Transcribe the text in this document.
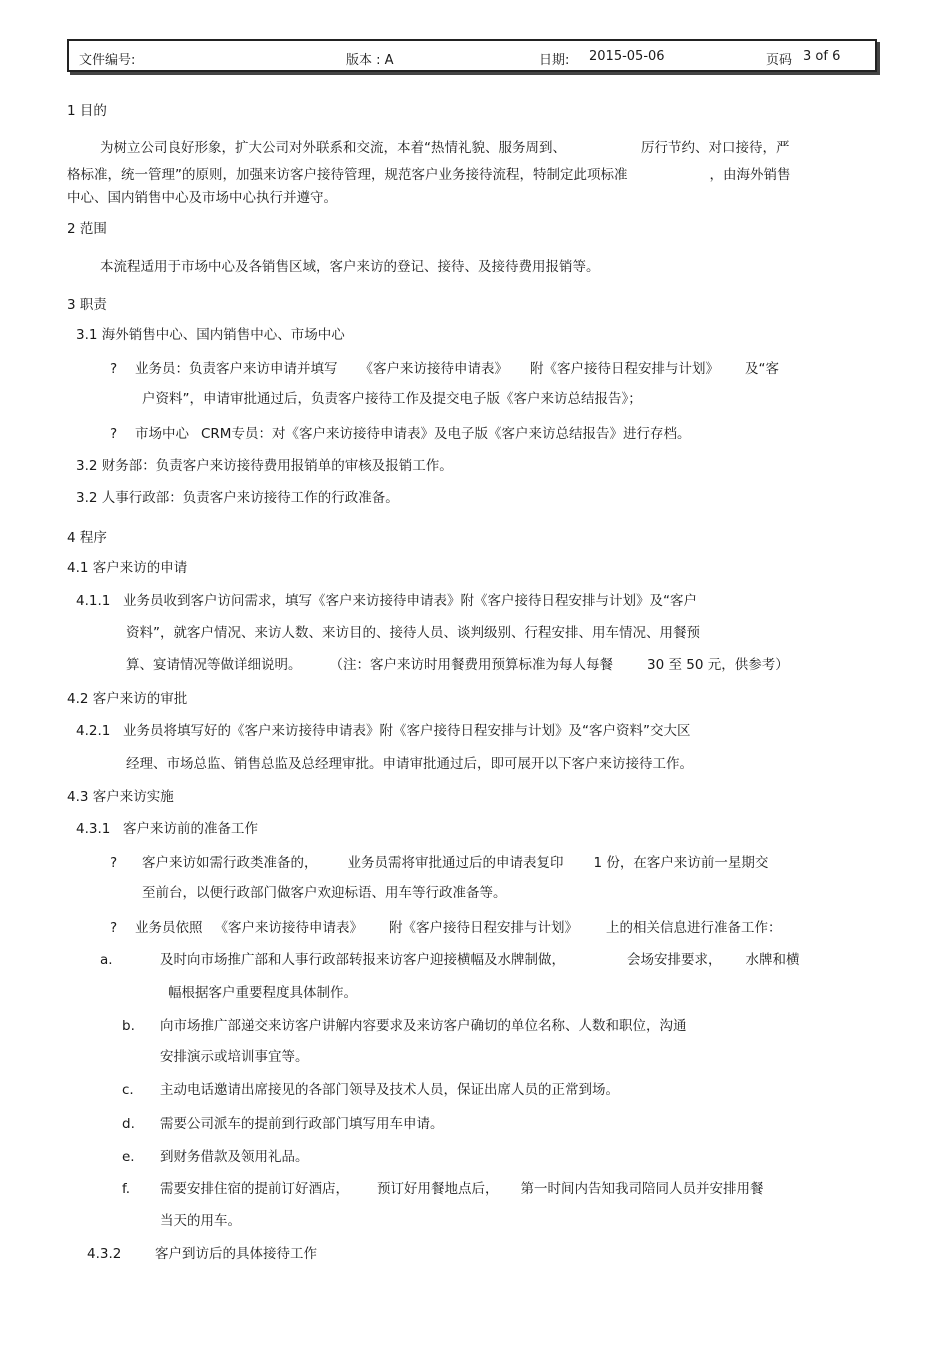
文件编号:	版本 : A	日期: 2015-05-06	页码 3 of 6
1 目的
为树立公司良好形象，扩大公司对外联系和交流，本着“热情礼貌、服务周到、	厉行节约、对口接待，严
格标准，统一管理”的原则，加强来访客户接待管理，规范客户业务接待流程，特制定此项标准	，由海外销售
中心、国内销售中心及市场中心执行并遵守。
2 范围
本流程适用于市场中心及各销售区域，客户来访的登记、接待、及接待费用报销等。
3 职责
3.1 海外销售中心、国内销售中心、市场中心
? 业务员：负责客户来访申请并填写 《客户来访接待申请表》 附《客户接待日程安排与计划》 及“客
户资料”，申请审批通过后，负责客户接待工作及提交电子版《客户来访总结报告》；
? 市场中心 CRM专员：对《客户来访接待申请表》及电子版《客户来访总结报告》进行存档。
3.2 财务部：负责客户来访接待费用报销单的审核及报销工作。
3.2 人事行政部：负责客户来访接待工作的行政准备。
4 程序
4.1 客户来访的申请
4.1.1 业务员收到客户访问需求，填写《客户来访接待申请表》附《客户接待日程安排与计划》及“客户
资料”，就客户情况、来访人数、来访目的、接待人员、谈判级别、行程安排、用车情况、用餐预
算、宴请情况等做详细说明。 （注：客户来访时用餐费用预算标准为每人每餐	30 至 50 元，供参考）
4.2 客户来访的审批
4.2.1 业务员将填写好的《客户来访接待申请表》附《客户接待日程安排与计划》及“客户资料”交大区
经理、市场总监、销售总监及总经理审批。申请审批通过后，即可展开以下客户来访接待工作。
4.3 客户来访实施
4.3.1 客户来访前的准备工作
? 客户来访如需行政类准备的， 业务员需将审批通过后的申请表复印 1 份，在客户来访前一星期交
至前台，以便行政部门做客户欢迎标语、用车等行政准备等。
? 业务员依照 《客户来访接待申请表》 附《客户接待日程安排与计划》 上的相关信息进行准备工作：
a.	及时向市场推广部和人事行政部转报来访客户迎接横幅及水牌制做，	会场安排要求， 水牌和横
幅根据客户重要程度具体制作。
b. 向市场推广部递交来访客户讲解内容要求及来访客户确切的单位名称、人数和职位，沟通
安排演示或培训事宜等。
c. 主动电话邀请出席接见的各部门领导及技术人员，保证出席人员的正常到场。
d. 需要公司派车的提前到行政部门填写用车申请。
e. 到财务借款及领用礼品。
f. 需要安排住宿的提前订好酒店， 预订好用餐地点后， 第一时间内告知我司陪同人员并安排用餐
当天的用车。
4.3.2 客户到访后的具体接待工作
